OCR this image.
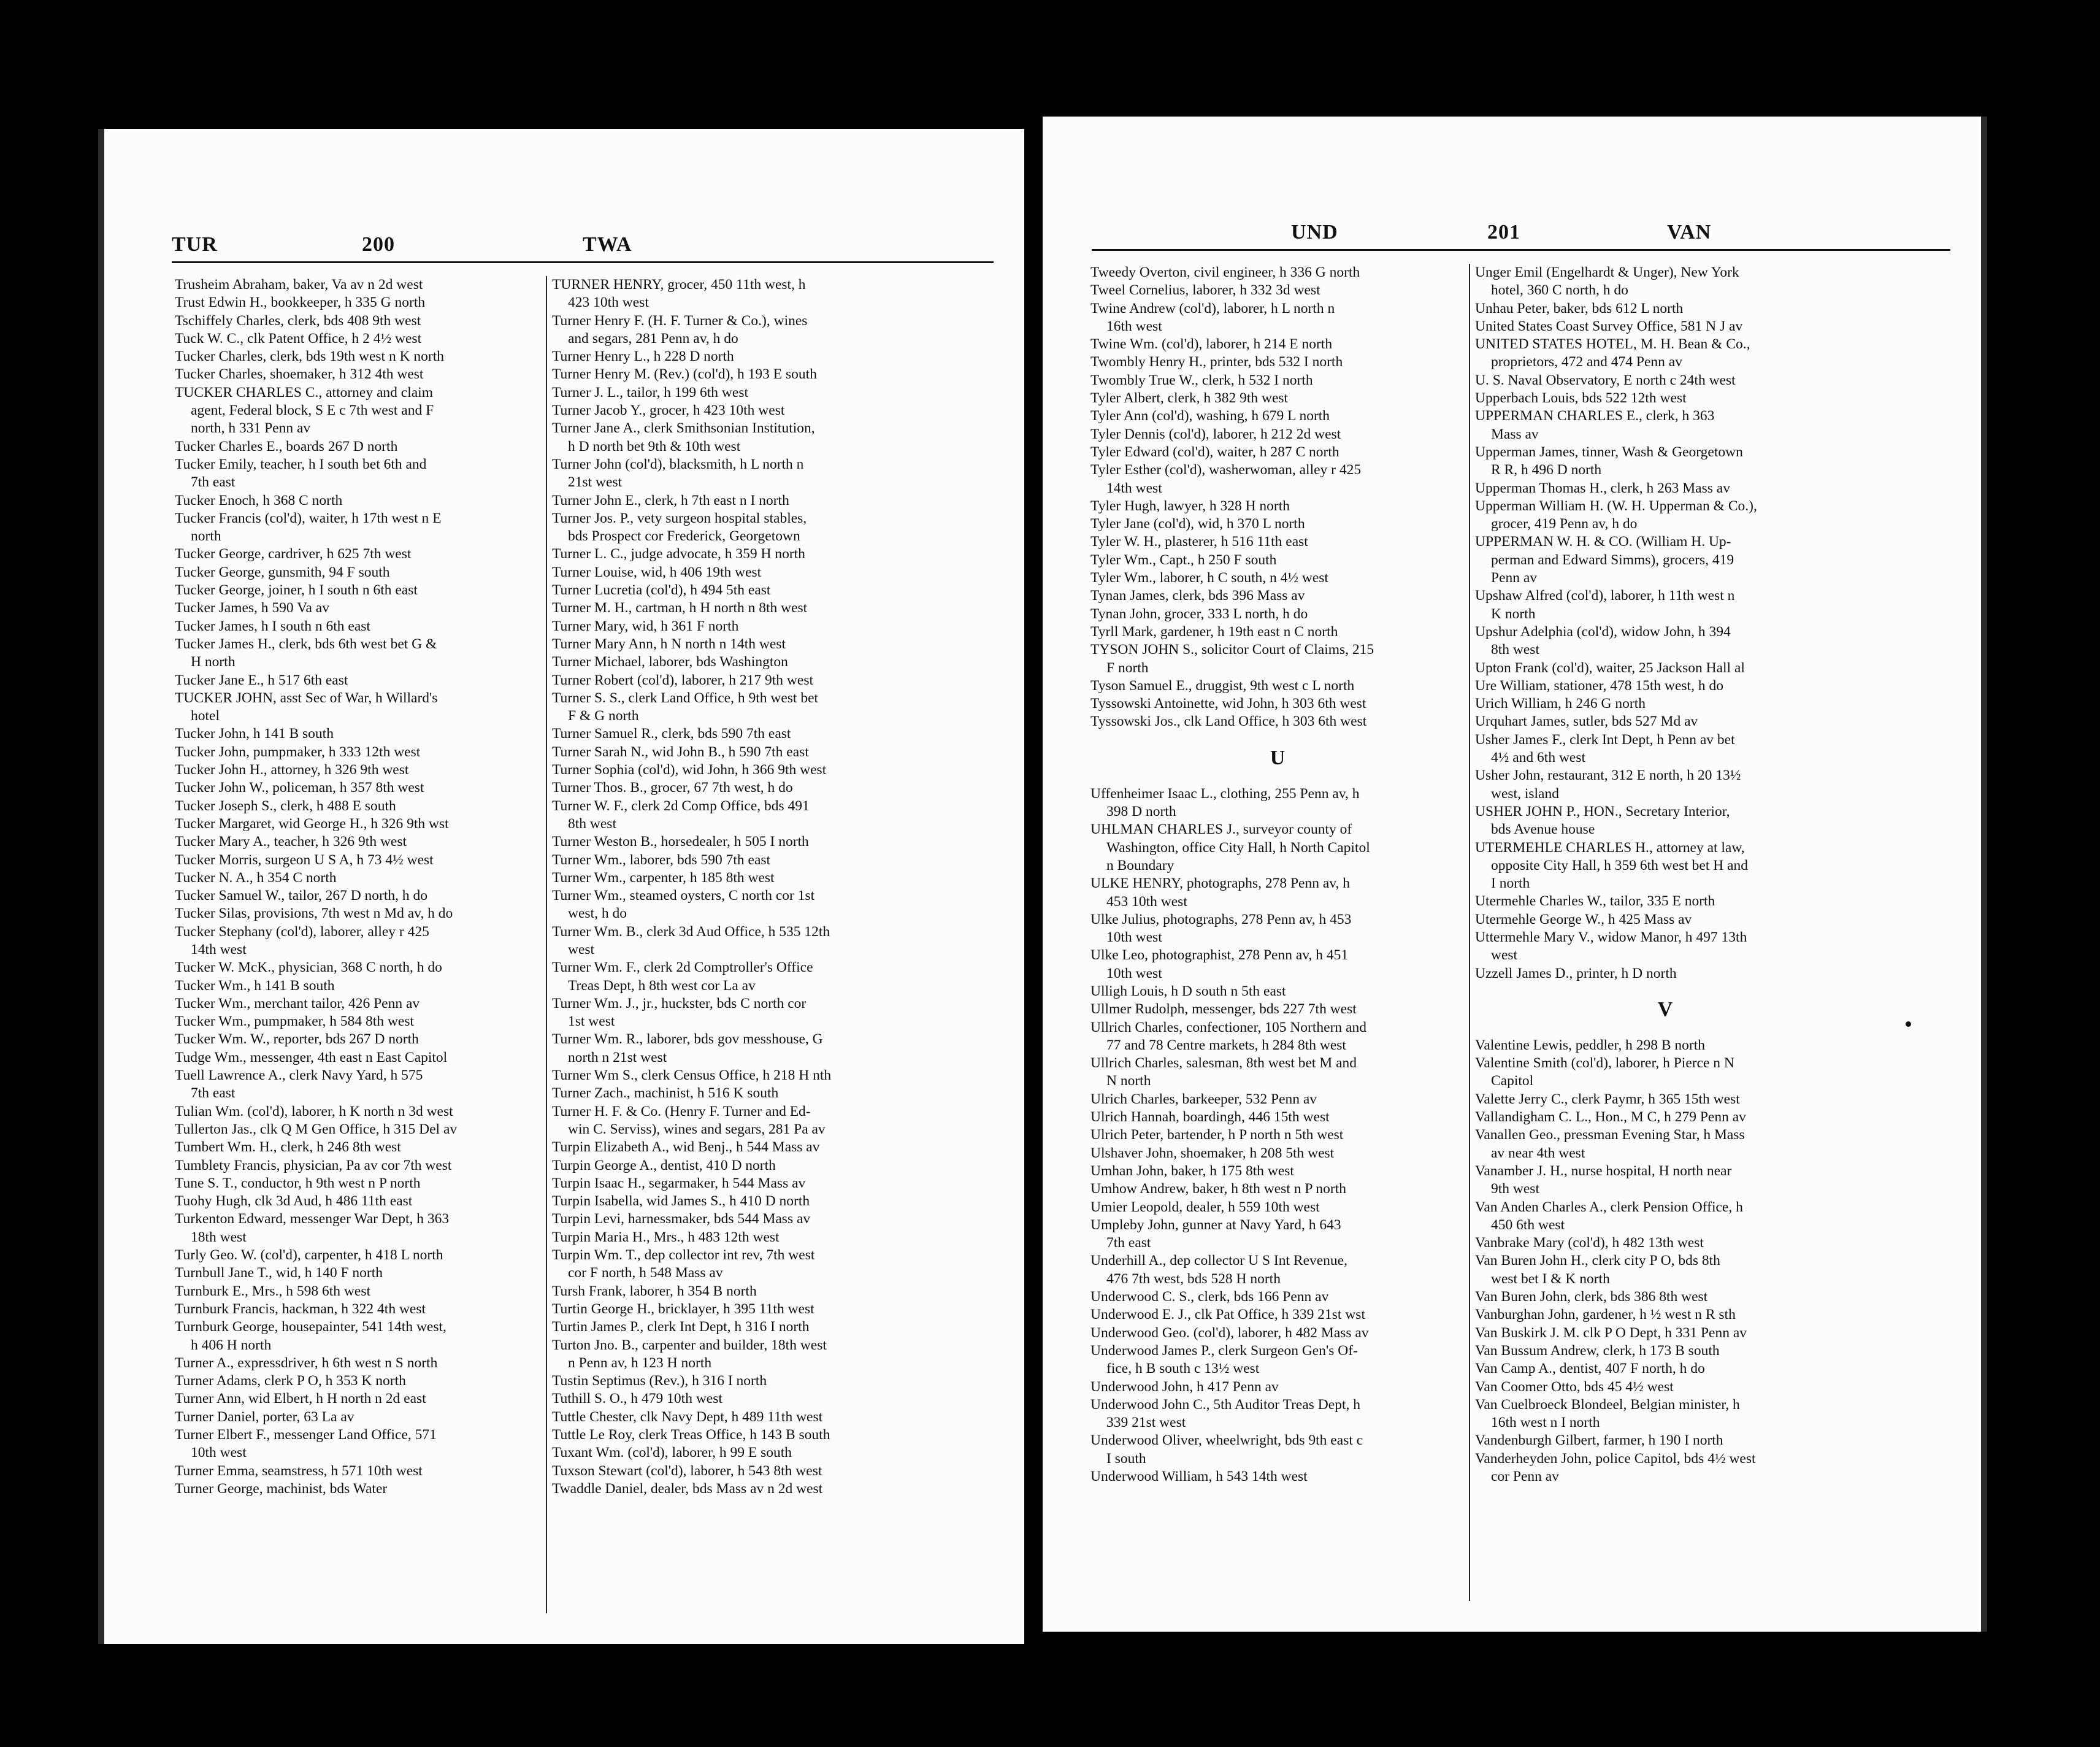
TUR	200	TWA

Trusheim Abraham, baker, Va av n 2d west

Trust Edwin H., bookkeeper, h 335 G north

Tschiffely Charles, clerk, bds 408 9th west

Tuck W. C., clk Patent Office, h 2 4½ west

Tucker Charles, clerk, bds 19th west n K north

Tucker Charles, shoemaker, h 312 4th west

TUCKER CHARLES C., attorney and claim

agent, Federal block, S E c 7th west and F

north, h 331 Penn av

Tucker Charles E., boards 267 D north

Tucker Emily, teacher, h I south bet 6th and

7th east

Tucker Enoch, h 368 C north

Tucker Francis (col'd), waiter, h 17th west n E

north

Tucker George, cardriver, h 625 7th west

Tucker George, gunsmith, 94 F south

Tucker George, joiner, h I south n 6th east

Tucker James, h 590 Va av

Tucker James, h I south n 6th east

Tucker James H., clerk, bds 6th west bet G &

H north

Tucker Jane E., h 517 6th east

TUCKER JOHN, asst Sec of War, h Willard's

hotel

Tucker John, h 141 B south

Tucker John, pumpmaker, h 333 12th west

Tucker John H., attorney, h 326 9th west

Tucker John W., policeman, h 357 8th west

Tucker Joseph S., clerk, h 488 E south

Tucker Margaret, wid George H., h 326 9th wst

Tucker Mary A., teacher, h 326 9th west

Tucker Morris, surgeon U S A, h 73 4½ west

Tucker N. A., h 354 C north

Tucker Samuel W., tailor, 267 D north, h do

Tucker Silas, provisions, 7th west n Md av, h do

Tucker Stephany (col'd), laborer, alley r 425

14th west

Tucker W. McK., physician, 368 C north, h do

Tucker Wm., h 141 B south

Tucker Wm., merchant tailor, 426 Penn av

Tucker Wm., pumpmaker, h 584 8th west

Tucker Wm. W., reporter, bds 267 D north

Tudge Wm., messenger, 4th east n East Capitol

Tuell Lawrence A., clerk Navy Yard, h 575

7th east

Tulian Wm. (col'd), laborer, h K north n 3d west

Tullerton Jas., clk Q M Gen Office, h 315 Del av

Tumbert Wm. H., clerk, h 246 8th west

Tumblety Francis, physician, Pa av cor 7th west

Tune S. T., conductor, h 9th west n P north

Tuohy Hugh, clk 3d Aud, h 486 11th east

Turkenton Edward, messenger War Dept, h 363

18th west

Turly Geo. W. (col'd), carpenter, h 418 L north

Turnbull Jane T., wid, h 140 F north

Turnburk E., Mrs., h 598 6th west

Turnburk Francis, hackman, h 322 4th west

Turnburk George, housepainter, 541 14th west,

h 406 H north

Turner A., expressdriver, h 6th west n S north

Turner Adams, clerk P O, h 353 K north

Turner Ann, wid Elbert, h H north n 2d east

Turner Daniel, porter, 63 La av

Turner Elbert F., messenger Land Office, 571

10th west

Turner Emma, seamstress, h 571 10th west

Turner George, machinist, bds Water

TURNER HENRY, grocer, 450 11th west, h

423 10th west

Turner Henry F. (H. F. Turner & Co.), wines

and segars, 281 Penn av, h do

Turner Henry L., h 228 D north

Turner Henry M. (Rev.) (col'd), h 193 E south

Turner J. L., tailor, h 199 6th west

Turner Jacob Y., grocer, h 423 10th west

Turner Jane A., clerk Smithsonian Institution,

h D north bet 9th & 10th west

Turner John (col'd), blacksmith, h L north n

21st west

Turner John E., clerk, h 7th east n I north

Turner Jos. P., vety surgeon hospital stables,

bds Prospect cor Frederick, Georgetown

Turner L. C., judge advocate, h 359 H north

Turner Louise, wid, h 406 19th west

Turner Lucretia (col'd), h 494 5th east

Turner M. H., cartman, h H north n 8th west

Turner Mary, wid, h 361 F north

Turner Mary Ann, h N north n 14th west

Turner Michael, laborer, bds Washington

Turner Robert (col'd), laborer, h 217 9th west

Turner S. S., clerk Land Office, h 9th west bet

F & G north

Turner Samuel R., clerk, bds 590 7th east

Turner Sarah N., wid John B., h 590 7th east

Turner Sophia (col'd), wid John, h 366 9th west

Turner Thos. B., grocer, 67 7th west, h do

Turner W. F., clerk 2d Comp Office, bds 491

8th west

Turner Weston B., horsedealer, h 505 I north

Turner Wm., laborer, bds 590 7th east

Turner Wm., carpenter, h 185 8th west

Turner Wm., steamed oysters, C north cor 1st

west, h do

Turner Wm. B., clerk 3d Aud Office, h 535 12th

west

Turner Wm. F., clerk 2d Comptroller's Office

Treas Dept, h 8th west cor La av

Turner Wm. J., jr., huckster, bds C north cor

1st west

Turner Wm. R., laborer, bds gov messhouse, G

north n 21st west

Turner Wm S., clerk Census Office, h 218 H nth

Turner Zach., machinist, h 516 K south

Turner H. F. & Co. (Henry F. Turner and Ed-

win C. Serviss), wines and segars, 281 Pa av

Turpin Elizabeth A., wid Benj., h 544 Mass av

Turpin George A., dentist, 410 D north

Turpin Isaac H., segarmaker, h 544 Mass av

Turpin Isabella, wid James S., h 410 D north

Turpin Levi, harnessmaker, bds 544 Mass av

Turpin Maria H., Mrs., h 483 12th west

Turpin Wm. T., dep collector int rev, 7th west

cor F north, h 548 Mass av

Tursh Frank, laborer, h 354 B north

Turtin George H., bricklayer, h 395 11th west

Turtin James P., clerk Int Dept, h 316 I north

Turton Jno. B., carpenter and builder, 18th west

n Penn av, h 123 H north

Tustin Septimus (Rev.), h 316 I north

Tuthill S. O., h 479 10th west

Tuttle Chester, clk Navy Dept, h 489 11th west

Tuttle Le Roy, clerk Treas Office, h 143 B south

Tuxant Wm. (col'd), laborer, h 99 E south

Tuxson Stewart (col'd), laborer, h 543 8th west

Twaddle Daniel, dealer, bds Mass av n 2d west

UND	201	VAN

Tweedy Overton, civil engineer, h 336 G north

Tweel Cornelius, laborer, h 332 3d west

Twine Andrew (col'd), laborer, h L north n

16th west

Twine Wm. (col'd), laborer, h 214 E north

Twombly Henry H., printer, bds 532 I north

Twombly True W., clerk, h 532 I north

Tyler Albert, clerk, h 382 9th west

Tyler Ann (col'd), washing, h 679 L north

Tyler Dennis (col'd), laborer, h 212 2d west

Tyler Edward (col'd), waiter, h 287 C north

Tyler Esther (col'd), washerwoman, alley r 425

14th west

Tyler Hugh, lawyer, h 328 H north

Tyler Jane (col'd), wid, h 370 L north

Tyler W. H., plasterer, h 516 11th east

Tyler Wm., Capt., h 250 F south

Tyler Wm., laborer, h C south, n 4½ west

Tynan James, clerk, bds 396 Mass av

Tynan John, grocer, 333 L north, h do

Tyrll Mark, gardener, h 19th east n C north

TYSON JOHN S., solicitor Court of Claims, 215

F north

Tyson Samuel E., druggist, 9th west c L north

Tyssowski Antoinette, wid John, h 303 6th west

Tyssowski Jos., clk Land Office, h 303 6th west

U

Uffenheimer Isaac L., clothing, 255 Penn av, h

398 D north

UHLMAN CHARLES J., surveyor county of

Washington, office City Hall, h North Capitol

n Boundary

ULKE HENRY, photographs, 278 Penn av, h

453 10th west

Ulke Julius, photographs, 278 Penn av, h 453

10th west

Ulke Leo, photographist, 278 Penn av, h 451

10th west

Ulligh Louis, h D south n 5th east

Ullmer Rudolph, messenger, bds 227 7th west

Ullrich Charles, confectioner, 105 Northern and

77 and 78 Centre markets, h 284 8th west

Ullrich Charles, salesman, 8th west bet M and

N north

Ulrich Charles, barkeeper, 532 Penn av

Ulrich Hannah, boardingh, 446 15th west

Ulrich Peter, bartender, h P north n 5th west

Ulshaver John, shoemaker, h 208 5th west

Umhan John, baker, h 175 8th west

Umhow Andrew, baker, h 8th west n P north

Umier Leopold, dealer, h 559 10th west

Umpleby John, gunner at Navy Yard, h 643

7th east

Underhill A., dep collector U S Int Revenue,

476 7th west, bds 528 H north

Underwood C. S., clerk, bds 166 Penn av

Underwood E. J., clk Pat Office, h 339 21st wst

Underwood Geo. (col'd), laborer, h 482 Mass av

Underwood James P., clerk Surgeon Gen's Of-

fice, h B south c 13½ west

Underwood John, h 417 Penn av

Underwood John C., 5th Auditor Treas Dept, h

339 21st west

Underwood Oliver, wheelwright, bds 9th east c

I south

Underwood William, h 543 14th west

Unger Emil (Engelhardt & Unger), New York

hotel, 360 C north, h do

Unhau Peter, baker, bds 612 L north

United States Coast Survey Office, 581 N J av

UNITED STATES HOTEL, M. H. Bean & Co.,

proprietors, 472 and 474 Penn av

U. S. Naval Observatory, E north c 24th west

Upperbach Louis, bds 522 12th west

UPPERMAN CHARLES E., clerk, h 363

Mass av

Upperman James, tinner, Wash & Georgetown

R R, h 496 D north

Upperman Thomas H., clerk, h 263 Mass av

Upperman William H. (W. H. Upperman & Co.),

grocer, 419 Penn av, h do

UPPERMAN W. H. & CO. (William H. Up-

perman and Edward Simms), grocers, 419

Penn av

Upshaw Alfred (col'd), laborer, h 11th west n

K north

Upshur Adelphia (col'd), widow John, h 394

8th west

Upton Frank (col'd), waiter, 25 Jackson Hall al

Ure William, stationer, 478 15th west, h do

Urich William, h 246 G north

Urquhart James, sutler, bds 527 Md av

Usher James F., clerk Int Dept, h Penn av bet

4½ and 6th west

Usher John, restaurant, 312 E north, h 20 13½

west, island

USHER JOHN P., HON., Secretary Interior,

bds Avenue house

UTERMEHLE CHARLES H., attorney at law,

opposite City Hall, h 359 6th west bet H and

I north

Utermehle Charles W., tailor, 335 E north

Utermehle George W., h 425 Mass av

Uttermehle Mary V., widow Manor, h 497 13th

west

Uzzell James D., printer, h D north

V

Valentine Lewis, peddler, h 298 B north

Valentine Smith (col'd), laborer, h Pierce n N

Capitol

Valette Jerry C., clerk Paymr, h 365 15th west

Vallandigham C. L., Hon., M C, h 279 Penn av

Vanallen Geo., pressman Evening Star, h Mass

av near 4th west

Vanamber J. H., nurse hospital, H north near

9th west

Van Anden Charles A., clerk Pension Office, h

450 6th west

Vanbrake Mary (col'd), h 482 13th west

Van Buren John H., clerk city P O, bds 8th

west bet I & K north

Van Buren John, clerk, bds 386 8th west

Vanburghan John, gardener, h ½ west n R sth

Van Buskirk J. M. clk P O Dept, h 331 Penn av

Van Bussum Andrew, clerk, h 173 B south

Van Camp A., dentist, 407 F north, h do

Van Coomer Otto, bds 45 4½ west

Van Cuelbroeck Blondeel, Belgian minister, h

16th west n I north

Vandenburgh Gilbert, farmer, h 190 I north

Vanderheyden John, police Capitol, bds 4½ west

cor Penn av
